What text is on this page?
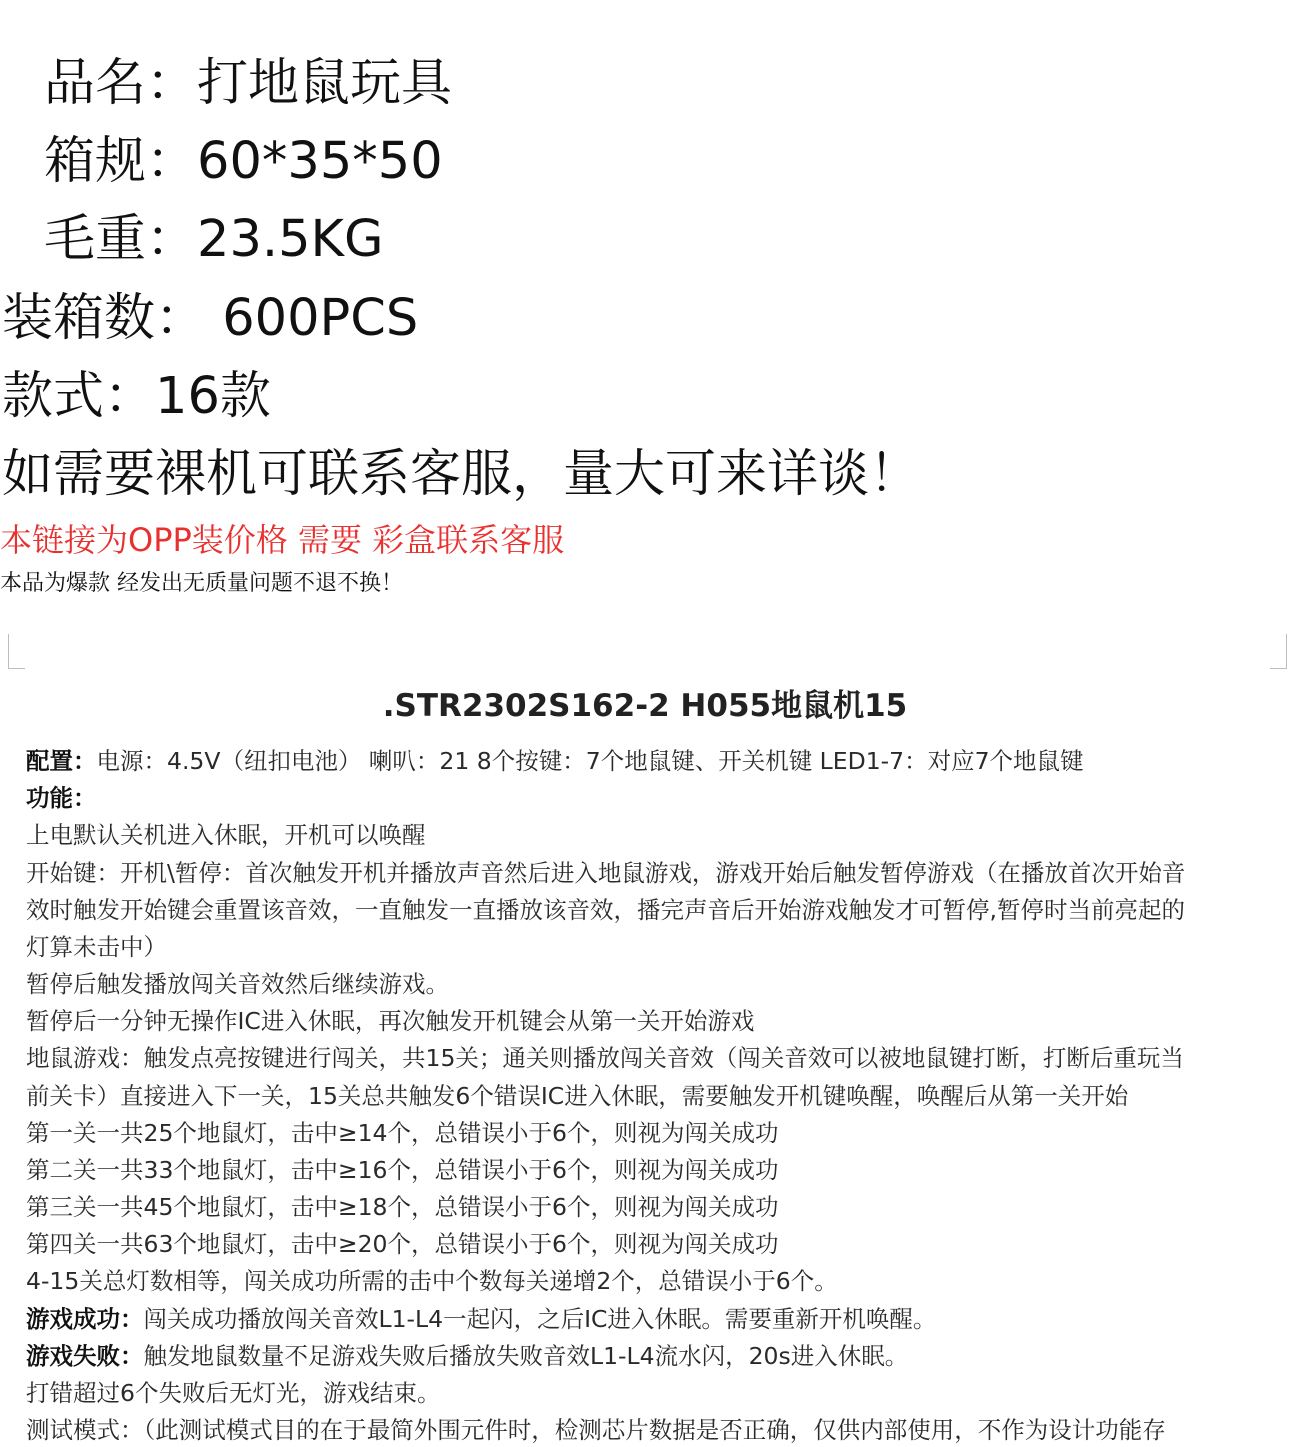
品名：打地鼠玩具
箱规：60*35*50
毛重：23.5KG
装箱数： 600PCS
款式：16款
如需要裸机可联系客服，量大可来详谈！
本链接为OPP装价格 需要 彩盒联系客服
本品为爆款 经发出无质量问题不退不换！
.STR2302S162-2 H055地鼠机15
配置：电源：4.5V（纽扣电池） 喇叭：21 8个按键：7个地鼠键、开关机键 LED1-7：对应7个地鼠键
功能：
上电默认关机进入休眠，开机可以唤醒
开始键：开机\暂停：首次触发开机并播放声音然后进入地鼠游戏，游戏开始后触发暂停游戏（在播放首次开始音
效时触发开始键会重置该音效，一直触发一直播放该音效，播完声音后开始游戏触发才可暂停,暂停时当前亮起的
灯算未击中）
暂停后触发播放闯关音效然后继续游戏。
暂停后一分钟无操作IC进入休眠，再次触发开机键会从第一关开始游戏
地鼠游戏：触发点亮按键进行闯关，共15关；通关则播放闯关音效（闯关音效可以被地鼠键打断，打断后重玩当
前关卡）直接进入下一关，15关总共触发6个错误IC进入休眠，需要触发开机键唤醒，唤醒后从第一关开始
第一关一共25个地鼠灯，击中≥14个，总错误小于6个，则视为闯关成功
第二关一共33个地鼠灯，击中≥16个，总错误小于6个，则视为闯关成功
第三关一共45个地鼠灯，击中≥18个，总错误小于6个，则视为闯关成功
第四关一共63个地鼠灯，击中≥20个，总错误小于6个，则视为闯关成功
4-15关总灯数相等，闯关成功所需的击中个数每关递增2个，总错误小于6个。
游戏成功：闯关成功播放闯关音效L1-L4一起闪，之后IC进入休眠。需要重新开机唤醒。
游戏失败：触发地鼠数量不足游戏失败后播放失败音效L1-L4流水闪，20s进入休眠。
打错超过6个失败后无灯光，游戏结束。
测试模式：（此测试模式目的在于最简外围元件时，检测芯片数据是否正确，仅供内部使用，不作为设计功能存
